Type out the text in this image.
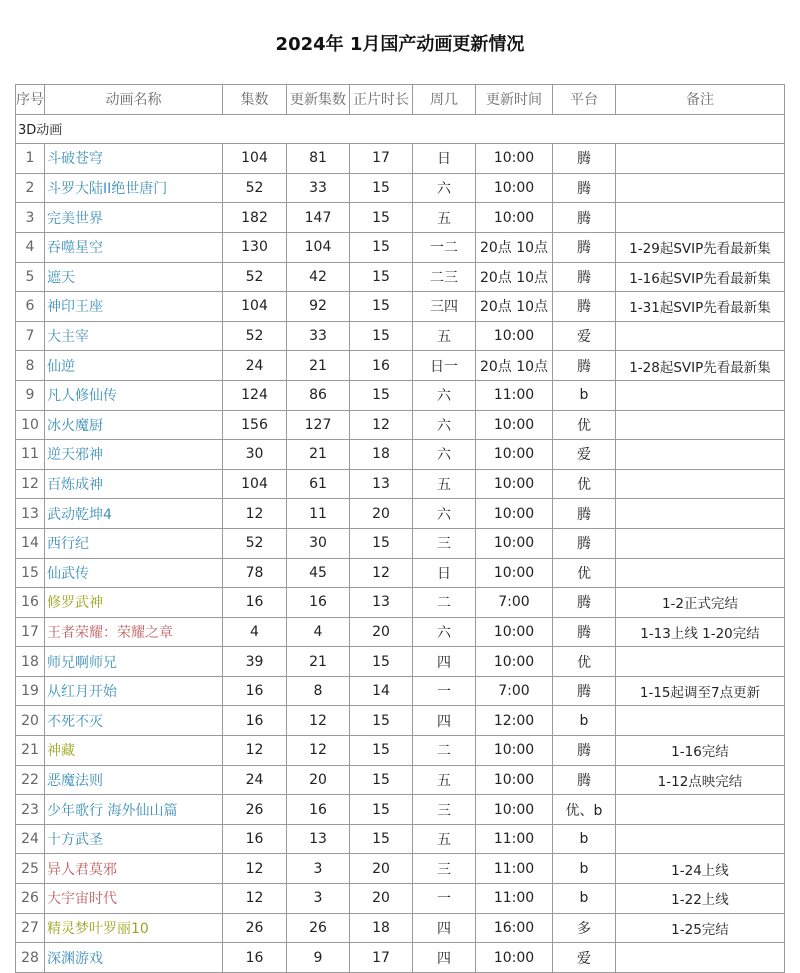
2024年 1月国产动画更新情况
序号	动画名称	集数	更新集数	正片时长	周几	更新时间	平台	备注
3D动画								
1	斗破苍穹	104	81	17	日	10:00	腾	
2	斗罗大陆II绝世唐门	52	33	15	六	10:00	腾	
3	完美世界	182	147	15	五	10:00	腾	
4	吞噬星空	130	104	15	一二	20点 10点	腾	1-29起SVIP先看最新集
5	遮天	52	42	15	二三	20点 10点	腾	1-16起SVIP先看最新集
6	神印王座	104	92	15	三四	20点 10点	腾	1-31起SVIP先看最新集
7	大主宰	52	33	15	五	10:00	爱	
8	仙逆	24	21	16	日一	20点 10点	腾	1-28起SVIP先看最新集
9	凡人修仙传	124	86	15	六	11:00	b	
10	冰火魔厨	156	127	12	六	10:00	优	
11	逆天邪神	30	21	18	六	10:00	爱	
12	百炼成神	104	61	13	五	10:00	优	
13	武动乾坤4	12	11	20	六	10:00	腾	
14	西行纪	52	30	15	三	10:00	腾	
15	仙武传	78	45	12	日	10:00	优	
16	修罗武神	16	16	13	二	7:00	腾	1-2正式完结
17	王者荣耀：荣耀之章	4	4	20	六	10:00	腾	1-13上线 1-20完结
18	师兄啊师兄	39	21	15	四	10:00	优	
19	从红月开始	16	8	14	一	7:00	腾	1-15起调至7点更新
20	不死不灭	16	12	15	四	12:00	b	
21	神藏	12	12	15	二	10:00	腾	1-16完结
22	恶魔法则	24	20	15	五	10:00	腾	1-12点映完结
23	少年歌行 海外仙山篇	26	16	15	三	10:00	优、b	
24	十方武圣	16	13	15	五	11:00	b	
25	异人君莫邪	12	3	20	三	11:00	b	1-24上线
26	大宇宙时代	12	3	20	一	11:00	b	1-22上线
27	精灵梦叶罗丽10	26	26	18	四	16:00	多	1-25完结
28	深渊游戏	16	9	17	四	10:00	爱	
